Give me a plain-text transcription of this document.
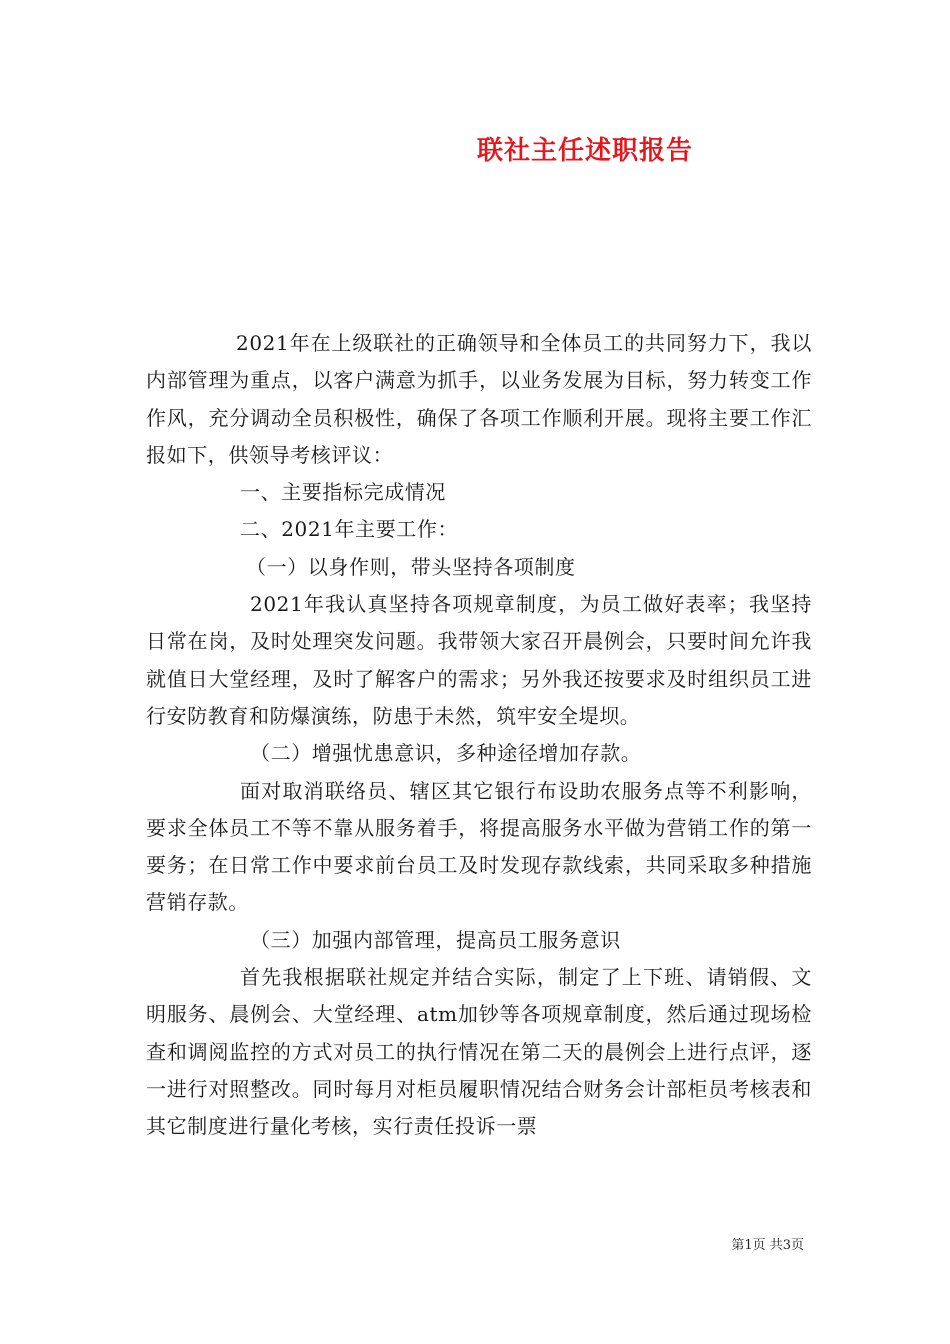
联社主任述职报告

2021年在上级联社的正确领导和全体员工的共同努力下，我以内部管理为重点，以客户满意为抓手，以业务发展为目标，努力转变工作作风，充分调动全员积极性，确保了各项工作顺利开展。现将主要工作汇报如下，供领导考核评议：

一、主要指标完成情况

二、2021年主要工作：

（一）以身作则，带头坚持各项制度

2021年我认真坚持各项规章制度，为员工做好表率；我坚持日常在岗，及时处理突发问题。我带领大家召开晨例会，只要时间允许我就值日大堂经理，及时了解客户的需求；另外我还按要求及时组织员工进行安防教育和防爆演练，防患于未然，筑牢安全堤坝。

（二）增强忧患意识，多种途径增加存款。

面对取消联络员、辖区其它银行布设助农服务点等不利影响，要求全体员工不等不靠从服务着手，将提高服务水平做为营销工作的第一要务；在日常工作中要求前台员工及时发现存款线索，共同采取多种措施营销存款。

（三）加强内部管理，提高员工服务意识

首先我根据联社规定并结合实际，制定了上下班、请销假、文明服务、晨例会、大堂经理、atm加钞等各项规章制度，然后通过现场检查和调阅监控的方式对员工的执行情况在第二天的晨例会上进行点评，逐一进行对照整改。同时每月对柜员履职情况结合财务会计部柜员考核表和其它制度进行量化考核，实行责任投诉一票

第1页 共3页
